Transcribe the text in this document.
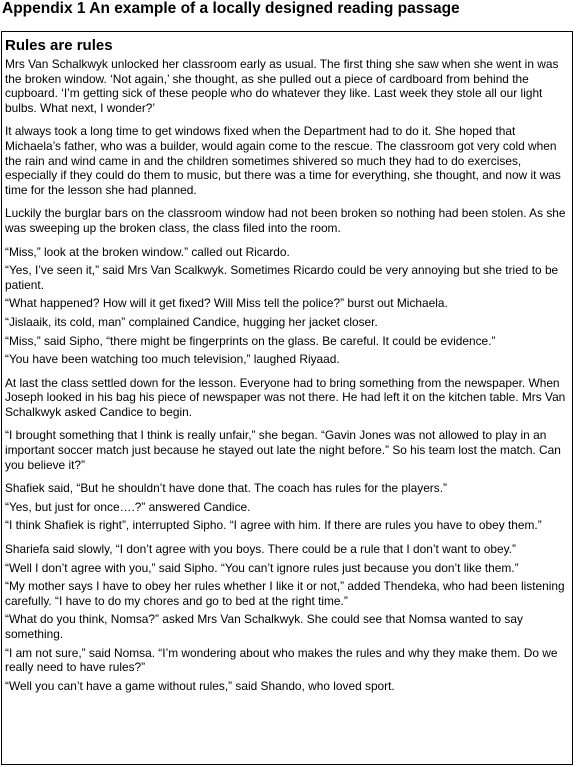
Appendix 1 An example of a locally designed reading passage
Rules are rules

Mrs Van Schalkwyk unlocked her classroom early as usual. The first thing she saw when she went in was the broken window. ‘Not again,’ she thought, as she pulled out a piece of cardboard from behind the cupboard. ‘I’m getting sick of these people who do whatever they like. Last week they stole all our light bulbs. What next, I wonder?’

It always took a long time to get windows fixed when the Department had to do it. She hoped that Michaela’s father, who was a builder, would again come to the rescue. The classroom got very cold when the rain and wind came in and the children sometimes shivered so much they had to do exercises, especially if they could do them to music, but there was a time for everything, she thought, and now it was time for the lesson she had planned.

Luckily the burglar bars on the classroom window had not been broken so nothing had been stolen. As she was sweeping up the broken class, the class filed into the room.

“Miss,” look at the broken window.” called out Ricardo.

“Yes, I’ve seen it,” said Mrs Van Scalkwyk. Sometimes Ricardo could be very annoying but she tried to be patient.

“What happened? How will it get fixed? Will Miss tell the police?” burst out Michaela.

“Jislaaik, its cold, man” complained Candice, hugging her jacket closer.

“Miss,” said Sipho, “there might be fingerprints on the glass. Be careful. It could be evidence.”

“You have been watching too much television,” laughed Riyaad.

At last the class settled down for the lesson. Everyone had to bring something from the newspaper. When Joseph looked in his bag his piece of newspaper was not there. He had left it on the kitchen table. Mrs Van Schalkwyk asked Candice to begin.

“I brought something that I think is really unfair,” she began. “Gavin Jones was not allowed to play in an important soccer match just because he stayed out late the night before.” So his team lost the match. Can you believe it?”

Shafiek said, “But he shouldn’t have done that. The coach has rules for the players.”

“Yes, but just for once….?” answered Candice.

“I think Shafiek is right”, interrupted Sipho. “I agree with him. If there are rules you have to obey them.”

Shariefa said slowly, “I don’t agree with you boys. There could be a rule that I don’t want to obey.”

“Well I don’t agree with you,” said Sipho. “You can’t ignore rules just because you don’t like them.”

“My mother says I have to obey her rules whether I like it or not,” added Thendeka, who had been listening carefully. “I have to do my chores and go to bed at the right time.”

“What do you think, Nomsa?” asked Mrs Van Schalkwyk. She could see that Nomsa wanted to say something.

“I am not sure,” said Nomsa. “I’m wondering about who makes the rules and why they make them. Do we really need to have rules?”

“Well you can’t have a game without rules,” said Shando, who loved sport.
